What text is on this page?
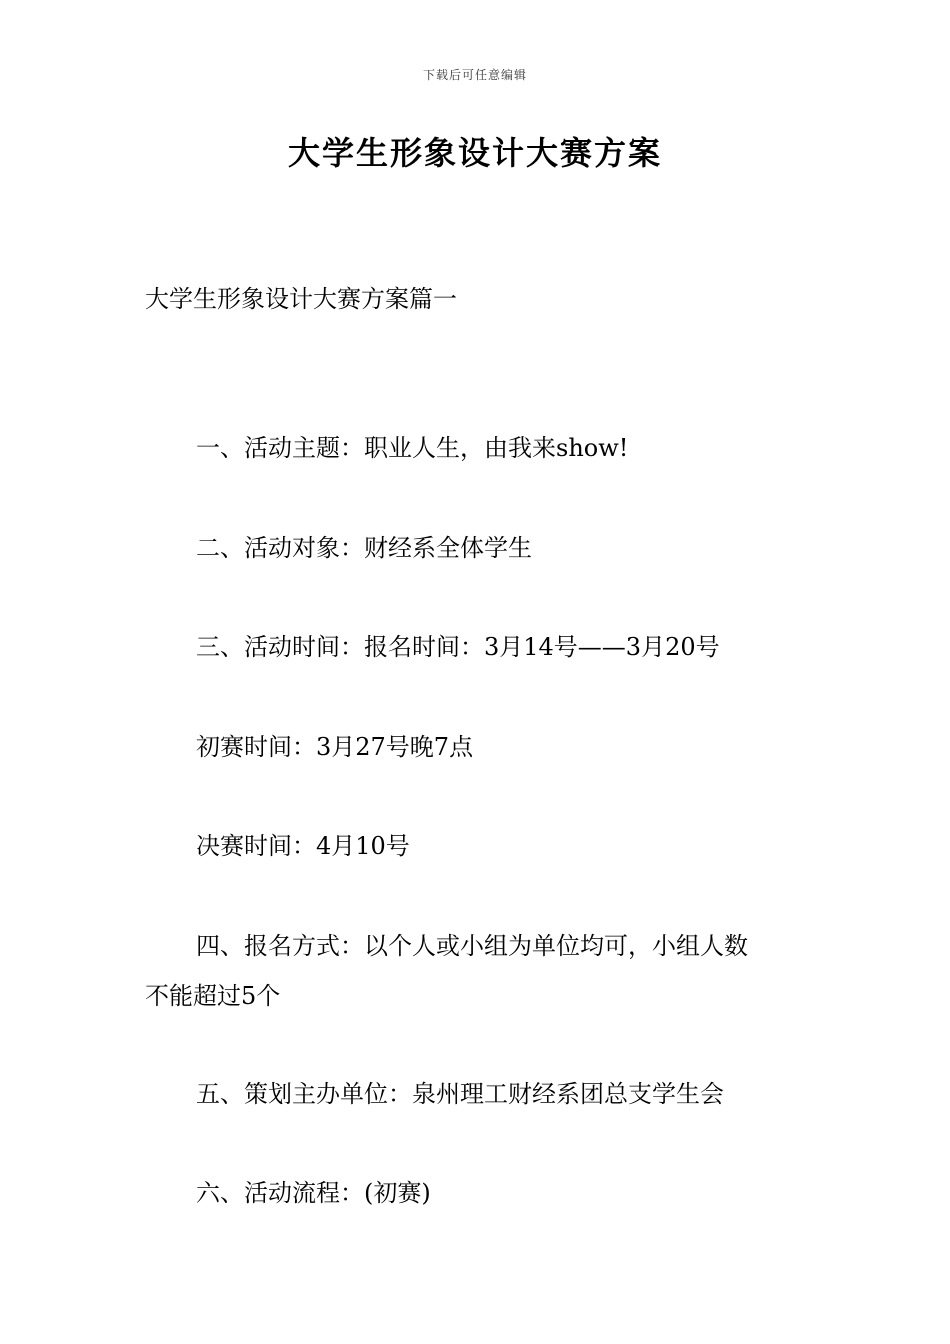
下载后可任意编辑
大学生形象设计大赛方案
大学生形象设计大赛方案篇一
一、活动主题：职业人生，由我来show!
二、活动对象：财经系全体学生
三、活动时间：报名时间：3月14号——3月20号
初赛时间：3月27号晚7点
决赛时间：4月10号
四、报名方式：以个人或小组为单位均可，小组人数
不能超过5个
五、策划主办单位：泉州理工财经系团总支学生会
六、活动流程：(初赛)
